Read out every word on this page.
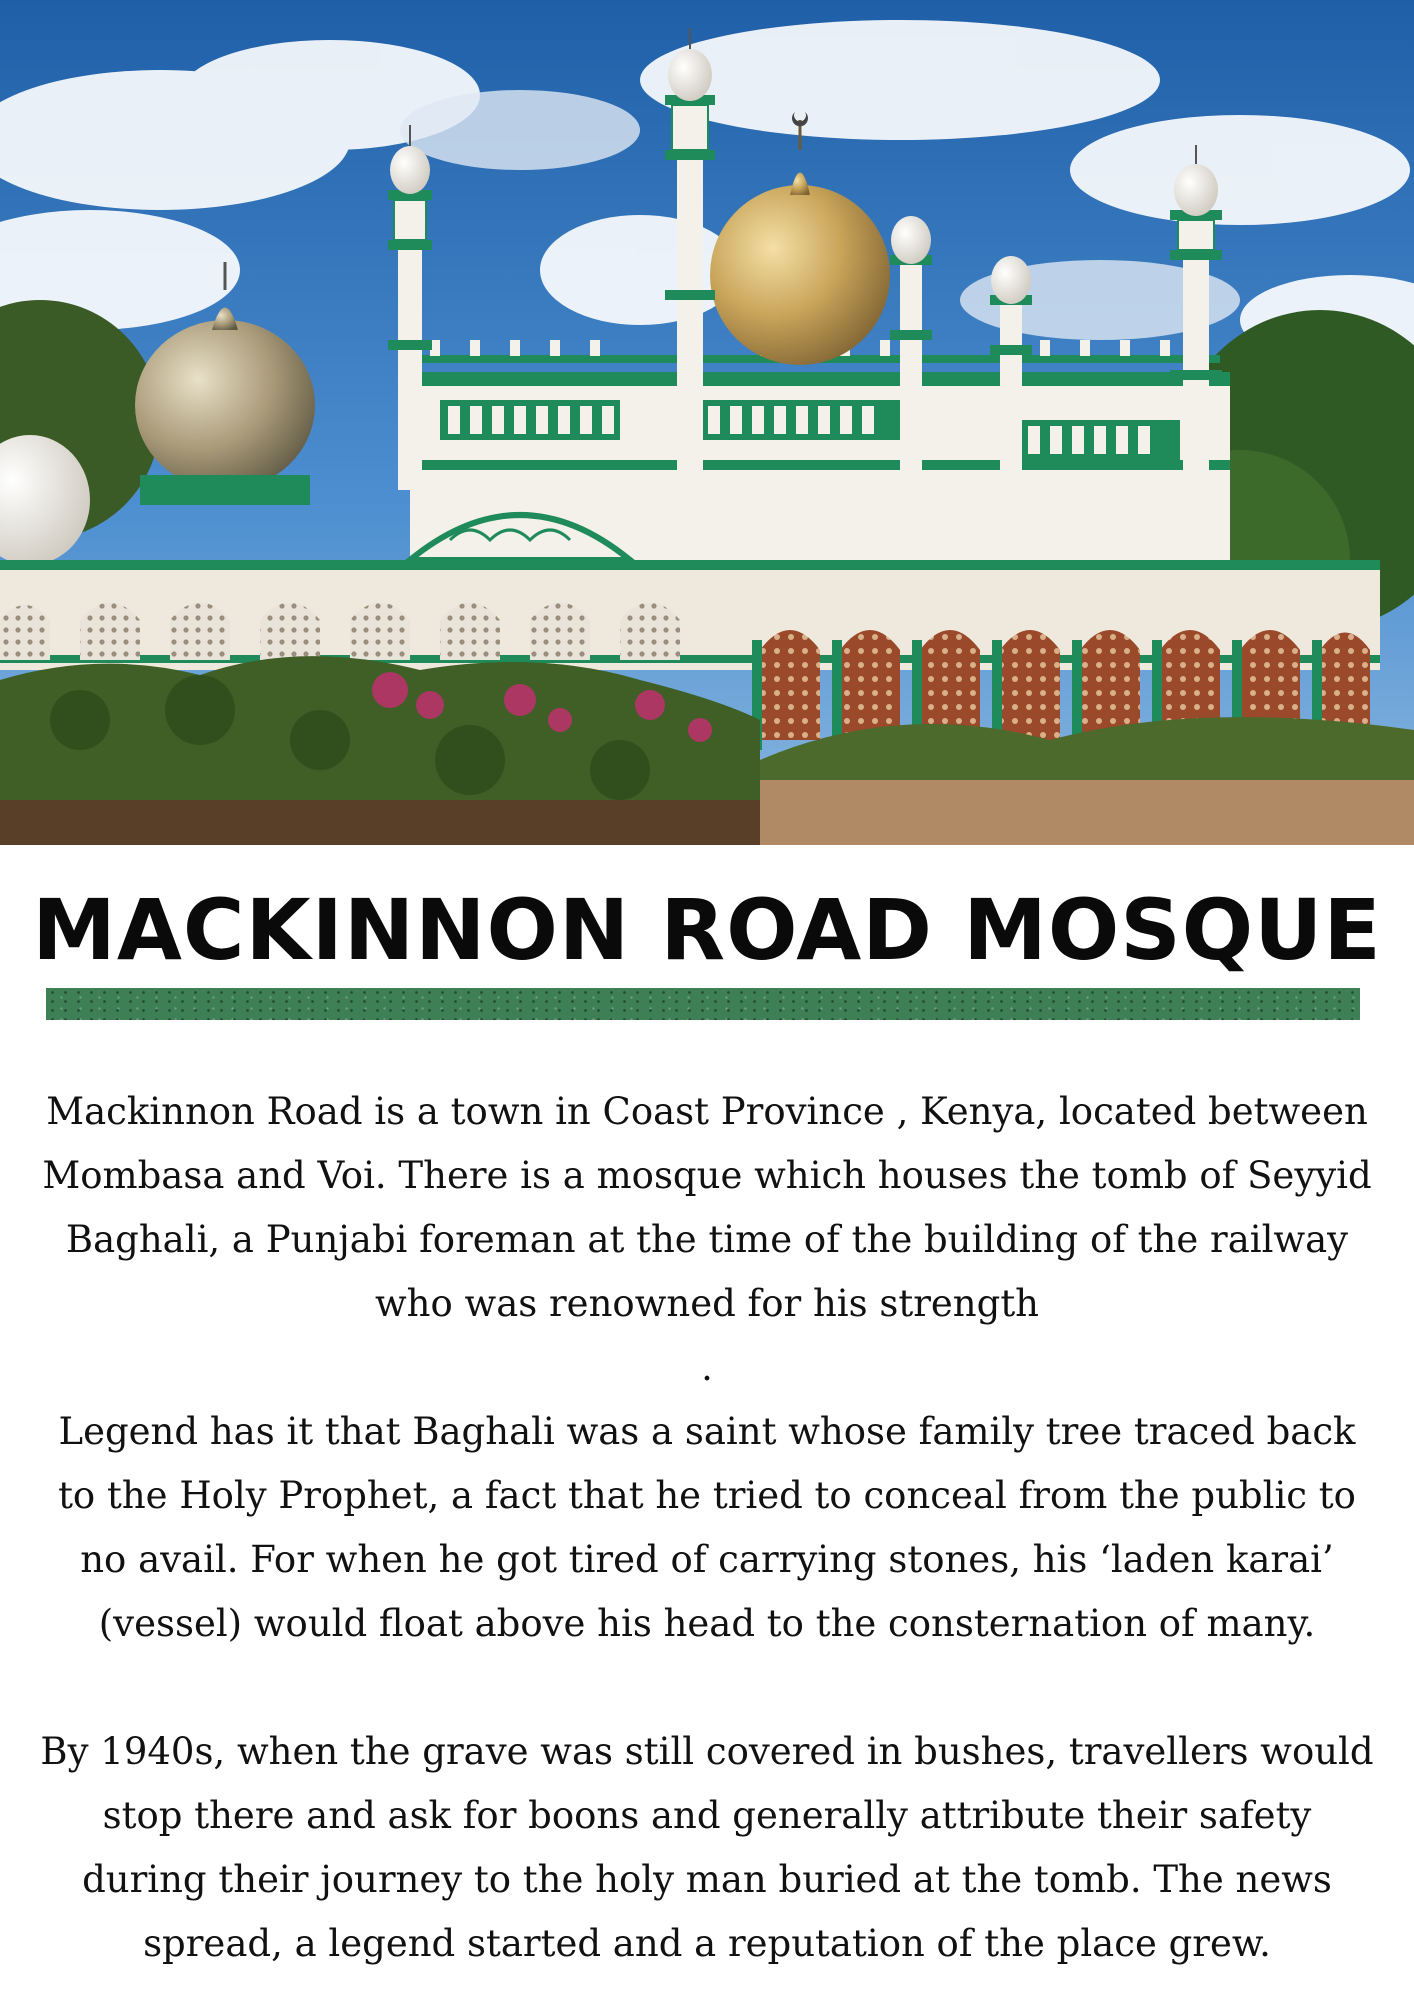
MACKINNON ROAD MOSQUE

Mackinnon Road is a town in Coast Province , Kenya, located between Mombasa and Voi. There is a mosque which houses the tomb of Seyyid Baghali, a Punjabi foreman at the time of the building of the railway who was renowned for his strength

.

Legend has it that Baghali was a saint whose family tree traced back to the Holy Prophet, a fact that he tried to conceal from the public to no avail. For when he got tired of carrying stones, his ‘laden karai’ (vessel) would float above his head to the consternation of many.

By 1940s, when the grave was still covered in bushes, travellers would stop there and ask for boons and generally attribute their safety during their journey to the holy man buried at the tomb. The news spread, a legend started and a reputation of the place grew.
